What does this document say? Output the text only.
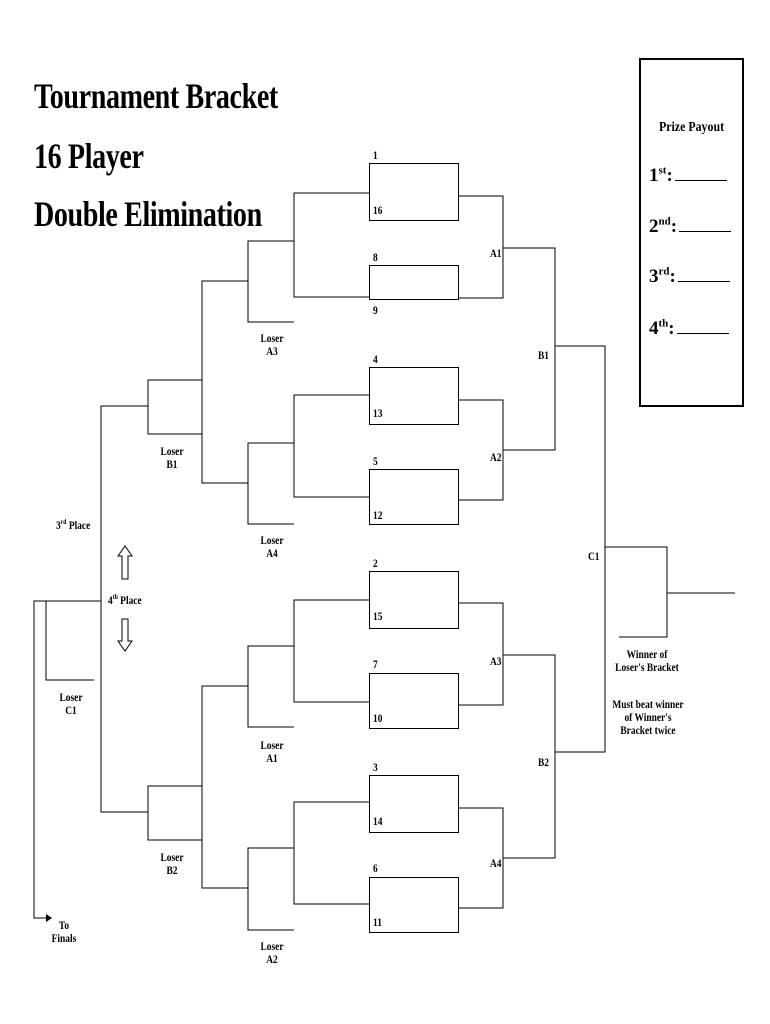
Tournament Bracket
16 Player
Double Elimination
1
16
8
9
4
13
5
12
2
15
7
10
3
14
6
11
A1
A2
A3
A4
B1
B2
C1
Loser
A3
Loser
A4
Loser
A1
Loser
A2
Loser
B1
Loser
B2
Loser
C1
3rd Place
4th Place
To
Finals
Winner of
Loser's Bracket
Must beat winner
of Winner's
Bracket twice
Prize Payout
1st:
2nd:
3rd:
4th:
